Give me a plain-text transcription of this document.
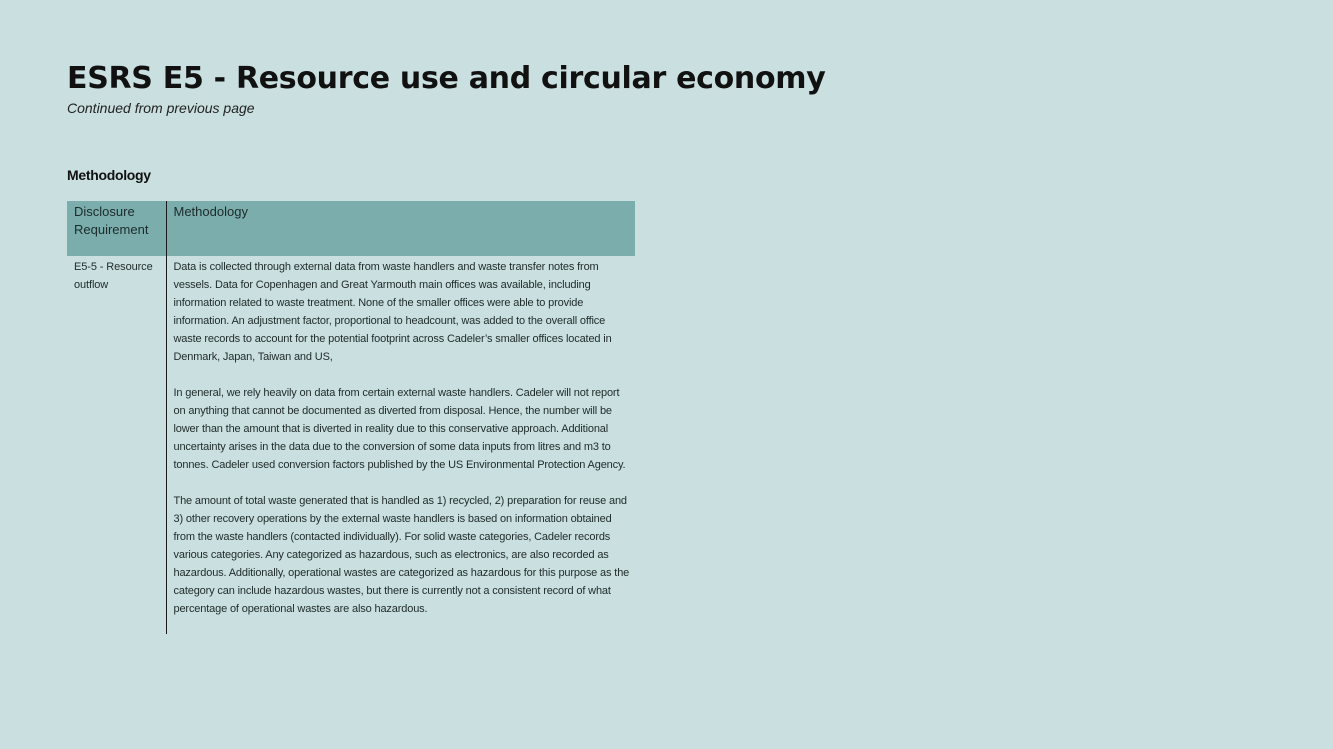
ESRS E5 - Resource use and circular economy

Continued from previous page

Methodology
Disclosure Requirement	Methodology
E5-5 - Resource outflow	Data is collected through external data from waste handlers and waste transfer notes from vessels. Data for Copenhagen and Great Yarmouth main offices was available, including information related to waste treatment. None of the smaller offices were able to provide information. An adjustment factor, proportional to headcount, was added to the overall office waste records to account for the potential footprint across Cadeler’s smaller offices located in Denmark, Japan, Taiwan and US,

In general, we rely heavily on data from certain external waste handlers. Cadeler will not report on anything that cannot be documented as diverted from disposal. Hence, the number will be lower than the amount that is diverted in reality due to this conservative approach. Additional uncertainty arises in the data due to the conversion of some data inputs from litres and m3 to tonnes. Cadeler used conversion factors published by the US Environmental Protection Agency.

The amount of total waste generated that is handled as 1) recycled, 2) preparation for reuse and 3) other recovery operations by the external waste handlers is based on information obtained from the waste handlers (contacted individually). For solid waste categories, Cadeler records various categories. Any categorized as hazardous, such as electronics, are also recorded as hazardous. Additionally, operational wastes are categorized as hazardous for this purpose as the category can include hazardous wastes, but there is currently not a consistent record of what percentage of operational wastes are also hazardous.
